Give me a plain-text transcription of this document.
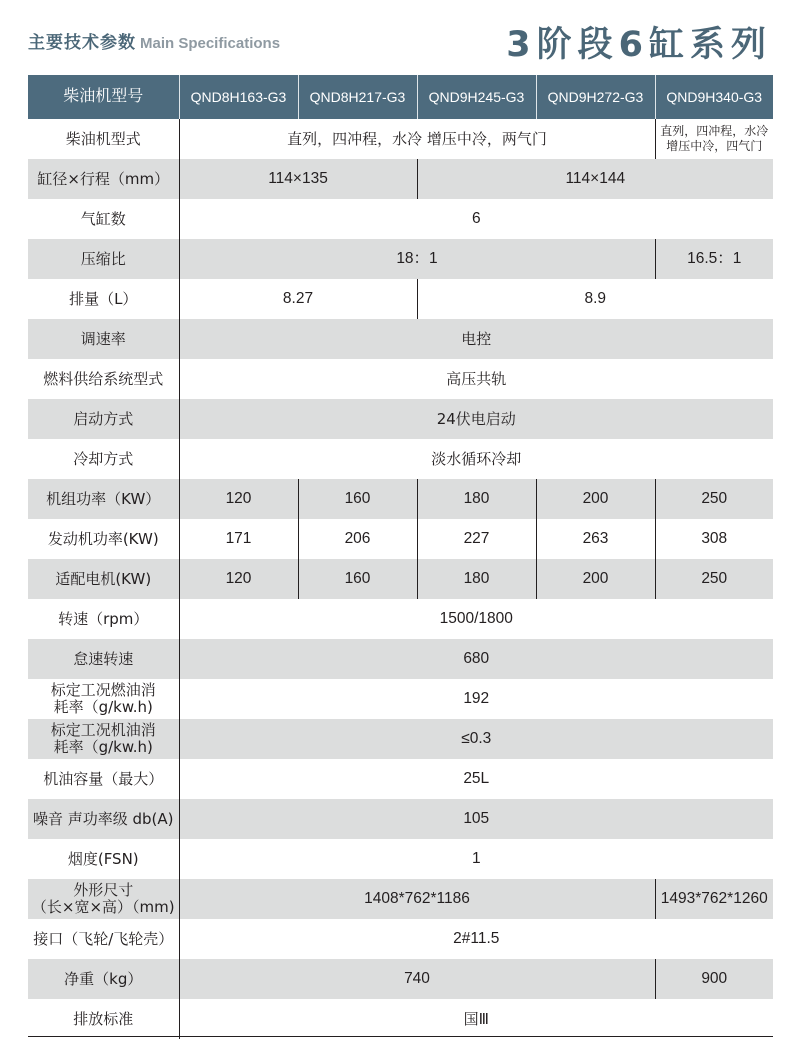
主要技术参数 Main Specifications	3阶段6缸系列
柴油机型号	QND8H163-G3	QND8H217-G3	QND9H245-G3	QND9H272-G3	QND9H340-G3
柴油机型式	直列，四冲程，水冷 增压中冷，两气门				直列，四冲程，水冷
增压中冷，四气门

缸径×行程（mm）	114×135		114×144		
气缸数	6				
压缩比	18：1				16.5：1
排量（L）	8.27		8.9		
调速率	电控				
燃料供给系统型式	高压共轨				
启动方式	24伏电启动				
冷却方式	淡水循环冷却				
机组功率（KW）	120	160	180	200	250
发动机功率(KW)	171	206	227	263	308
适配电机(KW)	120	160	180	200	250
转速（rpm）	1500/1800				
怠速转速	680				

标定工况燃油消
耗率（g/kw.h)	192				

标定工况机油消
耗率（g/kw.h)	≤0.3				
机油容量（最大）	25L				
噪音 声功率级 db(A)	105				
烟度(FSN)	1				

外形尺寸
（长×宽×高）（mm)	1408*762*1186				1493*762*1260
接口（飞轮/飞轮壳）	2#11.5				
净重（kg）	740				900
排放标准	国Ⅲ				
